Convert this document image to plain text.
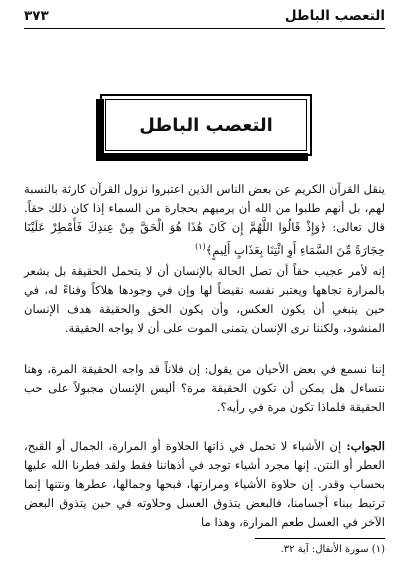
التعصب الباطل
٣٧٣
التعصب الباطل

ينقل القرآن الكريم عن بعض الناس الذين اعتبروا نزول القرآن كارثة بالنسبة لهم، بل أنهم طلبوا من الله أن يرميهم بحجارة من السماء إذا كان ذلك حقاً. قال تعالى: ﴿وَإِذْ قَالُوا اللَّهُمَّ إِن كَانَ هَٰذَا هُوَ الْحَقَّ مِنْ عِندِكَ فَأَمْطِرْ عَلَيْنَا حِجَارَةً مِّنَ السَّمَاءِ أَوِ ائْتِنَا بِعَذَابٍ أَلِيمٍ﴾$^{(١)}$

إنه لأمر عجيب حقاً أن تصل الحالة بالإنسان أن لا يتحمل الحقيقة بل يشعر بالمرارة تجاهها ويعتبر نفسه نقيضاً لها وإن في وجودها هلاكاً وفناءً له، في حين ينبغي أن يكون العكس، وأن يكون الحق والحقيقة هدف الإنسان المنشود، ولكننا نرى الإنسان يتمنى الموت على أن لا يواجه الحقيقة.

إننا نسمع في بعض الأحيان من يقول: إن فلاناً قد واجه الحقيقة المرة، وهنا نتساءل هل يمكن أن تكون الحقيقة مرة؟ أليس الإنسان مجبولاً على حب الحقيقة فلماذا تكون مرة في رأيه؟.

الجواب: إن الأشياء لا تحمل في ذاتها الحلاوة أو المرارة، الجمال أو القبح، العطر أو النتن. إنها مجرد أشياء توجد في أذهاننا فقط ولقد فطرنا الله عليها بحساب وقدر. إن حلاوة الأشياء ومرارتها، قبحها وجمالها، عطرها ونتنها إنما ترتبط ببناء أجسامنا، فالبعض يتذوق العسل وحلاوته في حين يتذوق البعض الآخر في العسل طعم المرارة، وهذا ما

(١) سورة الأنفال: آية ٣٢.
